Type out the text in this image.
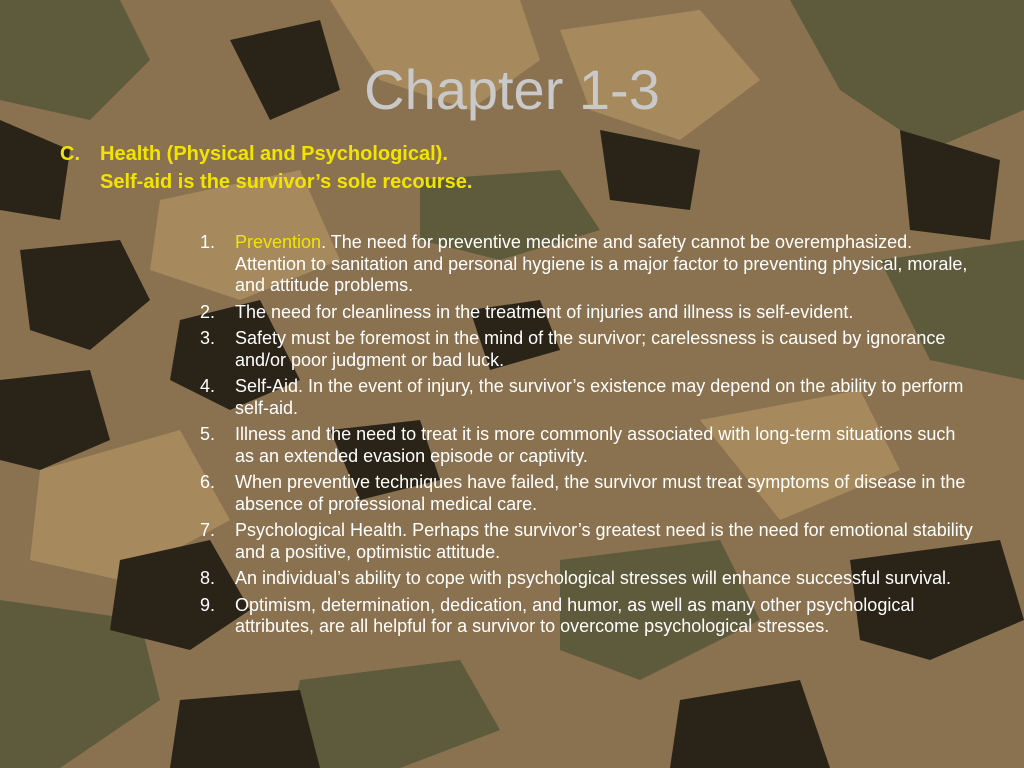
Chapter 1-3
C.	Health (Physical and Psychological).
Self-aid is the survivor’s sole recourse.
1.	Prevention. The need for preventive medicine and safety cannot be overemphasized. Attention to sanitation and personal hygiene is a major factor to preventing physical, morale, and attitude problems.
2.	The need for cleanliness in the treatment of injuries and illness is self-evident.
3.	Safety must be foremost in the mind of the survivor; carelessness is caused by ignorance and/or poor judgment or bad luck.
4.	Self-Aid. In the event of injury, the survivor’s existence may depend on the ability to perform self-aid.
5.	Illness and the need to treat it is more commonly associated with long-term situations such as an extended evasion episode or captivity.
6.	When preventive techniques have failed, the survivor must treat symptoms of disease in the absence of professional medical care.
7.	Psychological Health. Perhaps the survivor’s greatest need is the need for emotional stability and a positive, optimistic attitude.
8.	An individual’s ability to cope with psychological stresses will enhance successful survival.
9.	Optimism, determination, dedication, and humor, as well as many other psychological attributes, are all helpful for a survivor to overcome psychological stresses.
